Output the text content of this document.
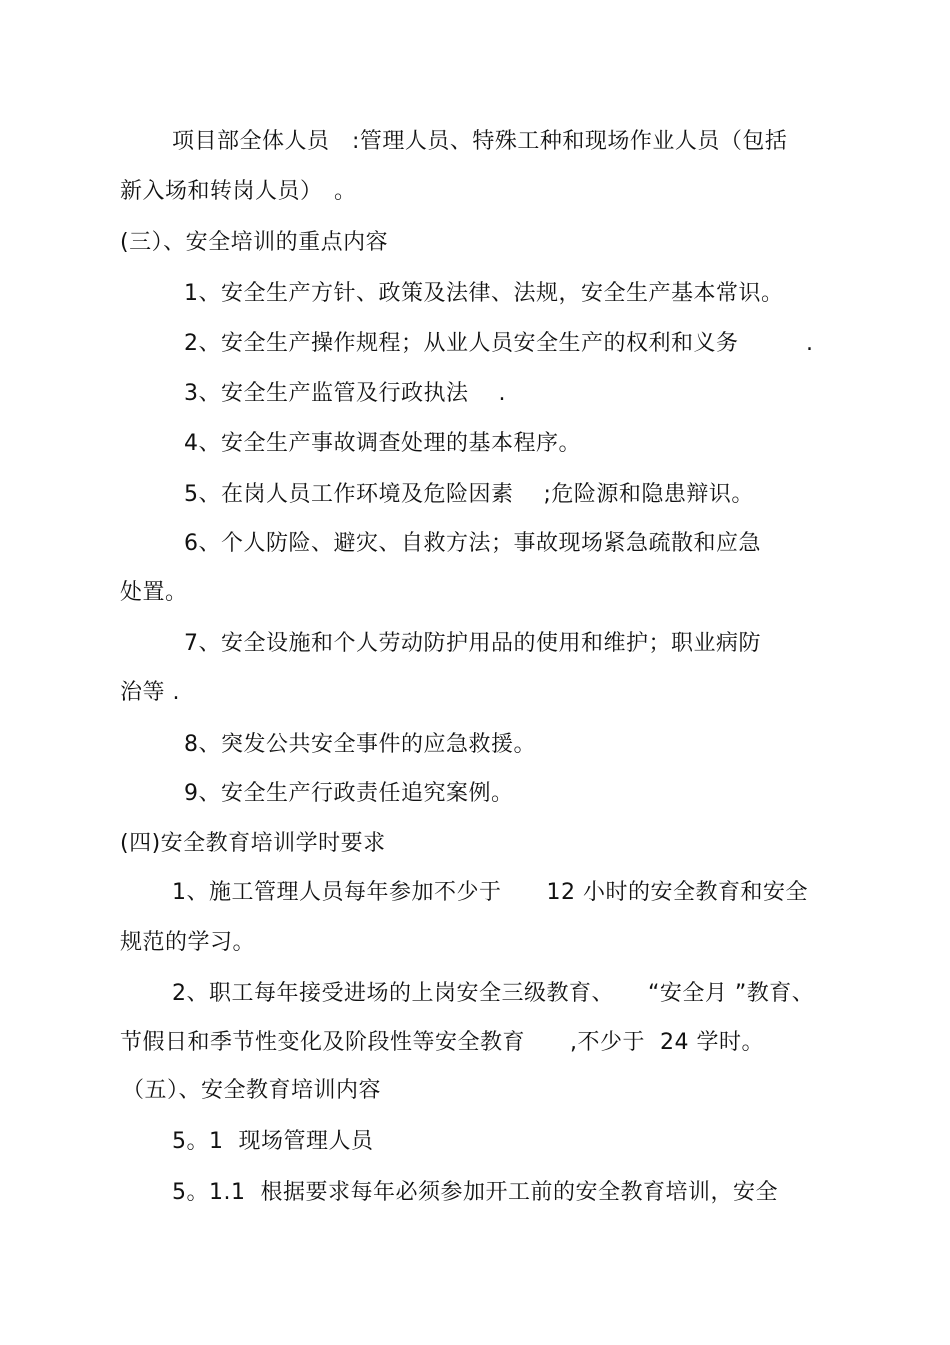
项目部全体人员　:管理人员、特殊工种和现场作业人员（包括
新入场和转岗人员）　。
(三）、安全培训的重点内容
1、安全生产方针、政策及法律、法规，安全生产基本常识。
2、安全生产操作规程；从业人员安全生产的权利和义务　　　.
3、安全生产监管及行政执法　 .
4、安全生产事故调查处理的基本程序。
5、在岗人员工作环境及危险因素　 ;危险源和隐患辩识。
6、个人防险、避灾、自救方法；事故现场紧急疏散和应急
处置。
7、安全设施和个人劳动防护用品的使用和维护；职业病防
治等 .
8、突发公共安全事件的应急救援。
9、安全生产行政责任追究案例。
(四)安全教育培训学时要求
1、施工管理人员每年参加不少于　　12 小时的安全教育和安全
规范的学习。
2、职工每年接受进场的上岗安全三级教育、　　“安全月 ”教育、
节假日和季节性变化及阶段性等安全教育　　,不少于  24 学时。
（五）、安全教育培训内容
5。1  现场管理人员
5。1.1  根据要求每年必须参加开工前的安全教育培训，安全
